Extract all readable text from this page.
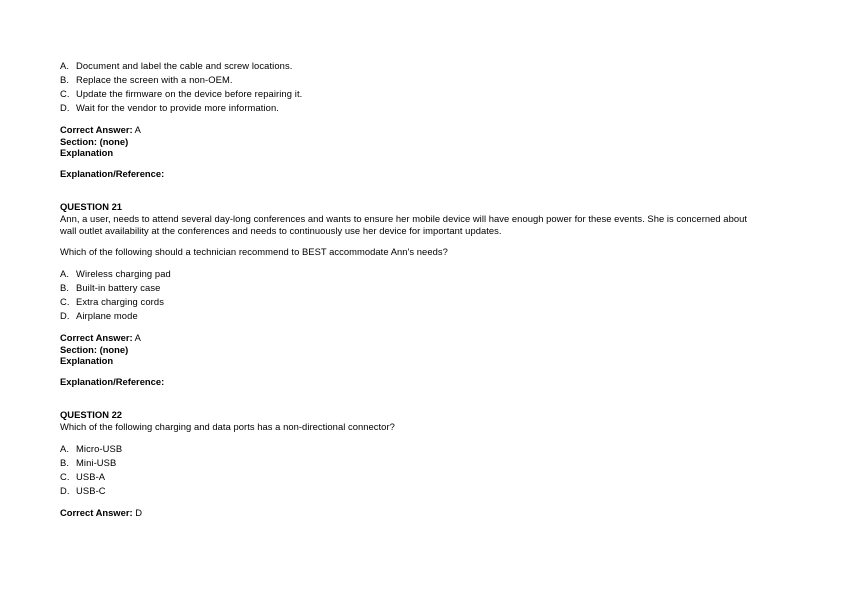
A. Document and label the cable and screw locations.
B. Replace the screen with a non-OEM.
C. Update the firmware on the device before repairing it.
D. Wait for the vendor to provide more information.
Correct Answer: A
Section: (none)
Explanation
Explanation/Reference:
QUESTION 21
Ann, a user, needs to attend several day-long conferences and wants to ensure her mobile device will have enough power for these events. She is concerned about
wall outlet availability at the conferences and needs to continuously use her device for important updates.
Which of the following should a technician recommend to BEST accommodate Ann's needs?
A. Wireless charging pad
B. Built-in battery case
C. Extra charging cords
D. Airplane mode
Correct Answer: A
Section: (none)
Explanation
Explanation/Reference:
QUESTION 22
Which of the following charging and data ports has a non-directional connector?
A. Micro-USB
B. Mini-USB
C. USB-A
D. USB-C
Correct Answer: D
